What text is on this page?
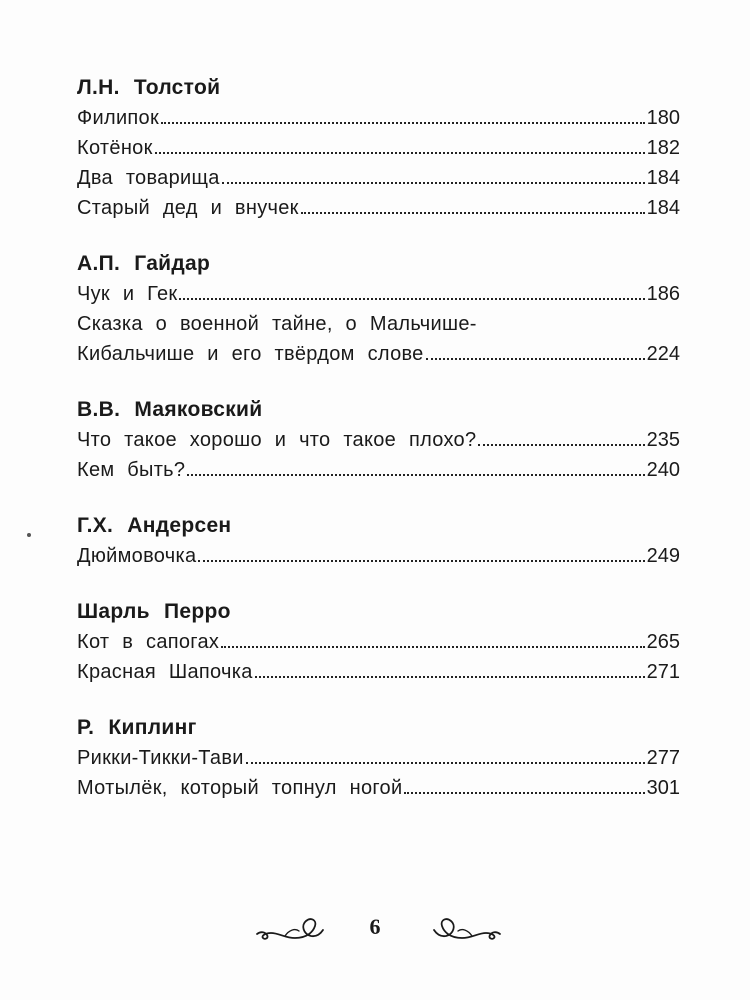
Л.Н. Толстой
Филипок	180
Котёнок	182
Два товарища	184
Старый дед и внучек	184
А.П. Гайдар
Чук и Гек	186
Сказка о военной тайне, о Мальчише-
Кибальчише и его твёрдом слове	224
В.В. Маяковский
Что такое хорошо и что такое плохо?	235
Кем быть?	240
Г.Х. Андерсен
Дюймовочка	249
Шарль Перро
Кот в сапогах	265
Красная Шапочка	271
Р. Киплинг
Рикки-Тикки-Тави	277
Мотылёк, который топнул ногой	301
6
